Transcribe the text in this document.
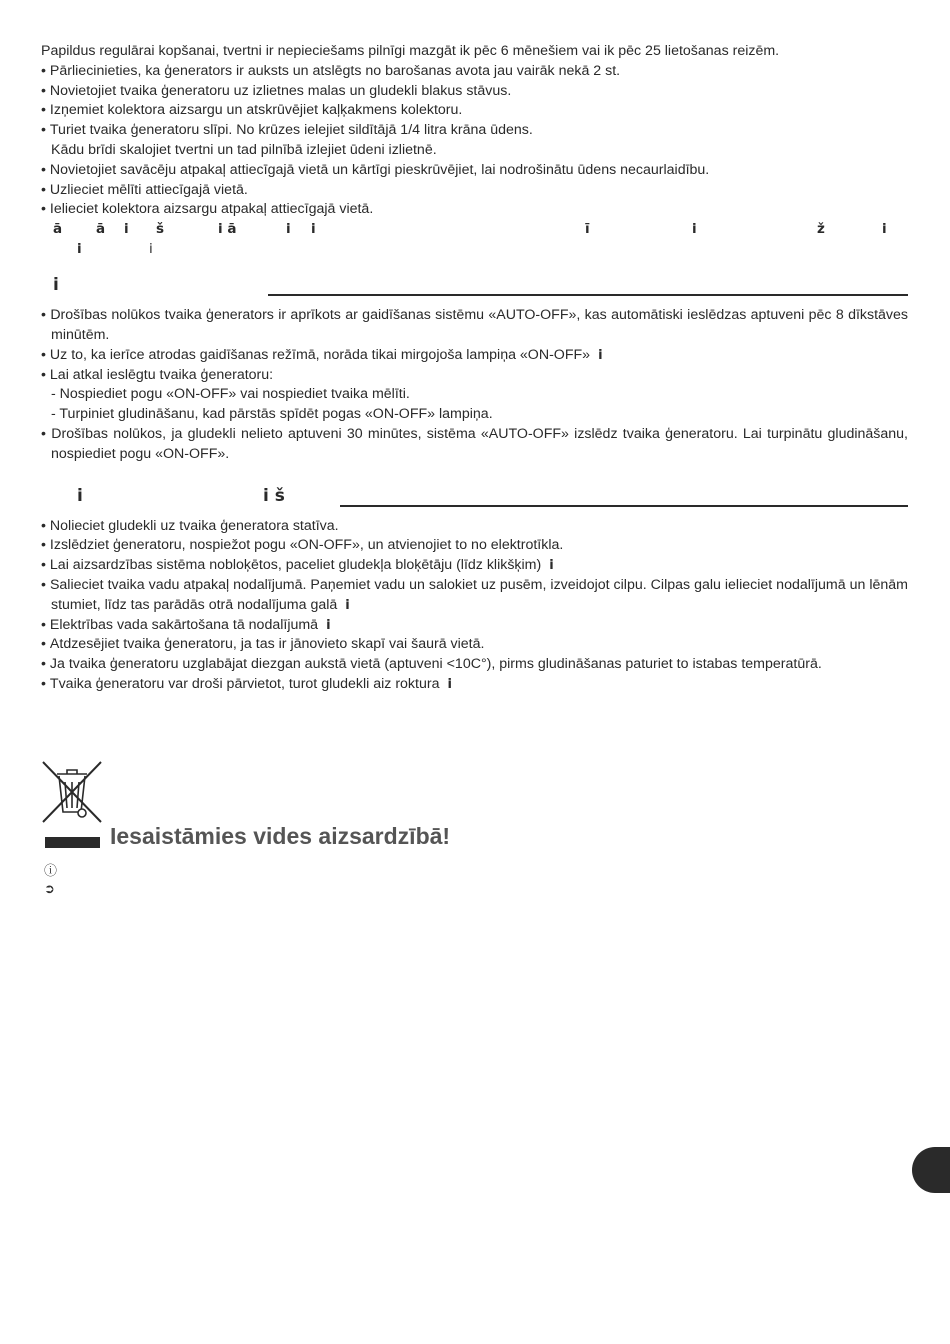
Papildus regulārai kopšanai, tvertni ir nepieciešams pilnīgi mazgāt ik pēc 6 mēnešiem vai ik pēc 25 lietošanas reizēm.

• Pārliecinieties, ka ģenerators ir auksts un atslēgts no barošanas avota jau vairāk nekā 2 st.

• Novietojiet tvaika ģeneratoru uz izlietnes malas un gludekli blakus stāvus.

• Izņemiet kolektora aizsargu un atskrūvējiet kaļķakmens kolektoru.

• Turiet tvaika ģeneratoru slīpi. No krūzes ielejiet sildītājā 1/4 litra krāna ūdens.

Kādu brīdi skalojiet tvertni un tad pilnībā izlejiet ūdeni izlietnē.

• Novietojiet savācēju atpakaļ attiecīgajā vietā un kārtīgi pieskrūvējiet, lai nodrošinātu ūdens necaurlaidību.

• Uzlieciet mēlīti attiecīgajā vietā.

• Ielieciet kolektora aizsargu atpakaļ attiecīgajā vietā.

ā	ā i š	i ā	i i	ī	i	ž	i
i	i
i

• Drošības nolūkos tvaika ģenerators ir aprīkots ar gaidīšanas sistēmu «AUTO-OFF», kas automātiski ieslēdzas aptuveni pēc 8 dīkstāves minūtēm.

• Uz to, ka ierīce atrodas gaidīšanas režīmā, norāda tikai mirgojoša lampiņa «ON-OFF» i

• Lai atkal ieslēgtu tvaika ģeneratoru:

- Nospiediet pogu «ON-OFF» vai nospiediet tvaika mēlīti.

- Turpiniet gludināšanu, kad pārstās spīdēt pogas «ON-OFF» lampiņa.

• Drošības nolūkos, ja gludekli nelieto aptuveni 30 minūtes, sistēma «AUTO-OFF» izslēdz tvaika ģeneratoru. Lai turpinātu gludināšanu, nospiediet pogu «ON-OFF».

i	i š

• Nolieciet gludekli uz tvaika ģeneratora statīva.

• Izslēdziet ģeneratoru, nospiežot pogu «ON-OFF», un atvienojiet to no elektrotīkla.

• Lai aizsardzības sistēma nobloķētos, paceliet gludekļa bloķētāju (līdz klikšķim) i

• Salieciet tvaika vadu atpakaļ nodalījumā. Paņemiet vadu un salokiet uz pusēm, izveidojot cilpu. Cilpas galu ielieciet nodalījumā un lēnām stumiet, līdz tas parādās otrā nodalījuma galā i

• Elektrības vada sakārtošana tā nodalījumā i

• Atdzesējiet tvaika ģeneratoru, ja tas ir jānovieto skapī vai šaurā vietā.

• Ja tvaika ģeneratoru uzglabājat diezgan aukstā vietā (aptuveni <10C°), pirms gludināšanas paturiet to istabas temperatūrā.

• Tvaika ģeneratoru var droši pārvietot, turot gludekli aiz roktura i

Iesaistāmies vides aizsardzībā!
ⓘ
➲
